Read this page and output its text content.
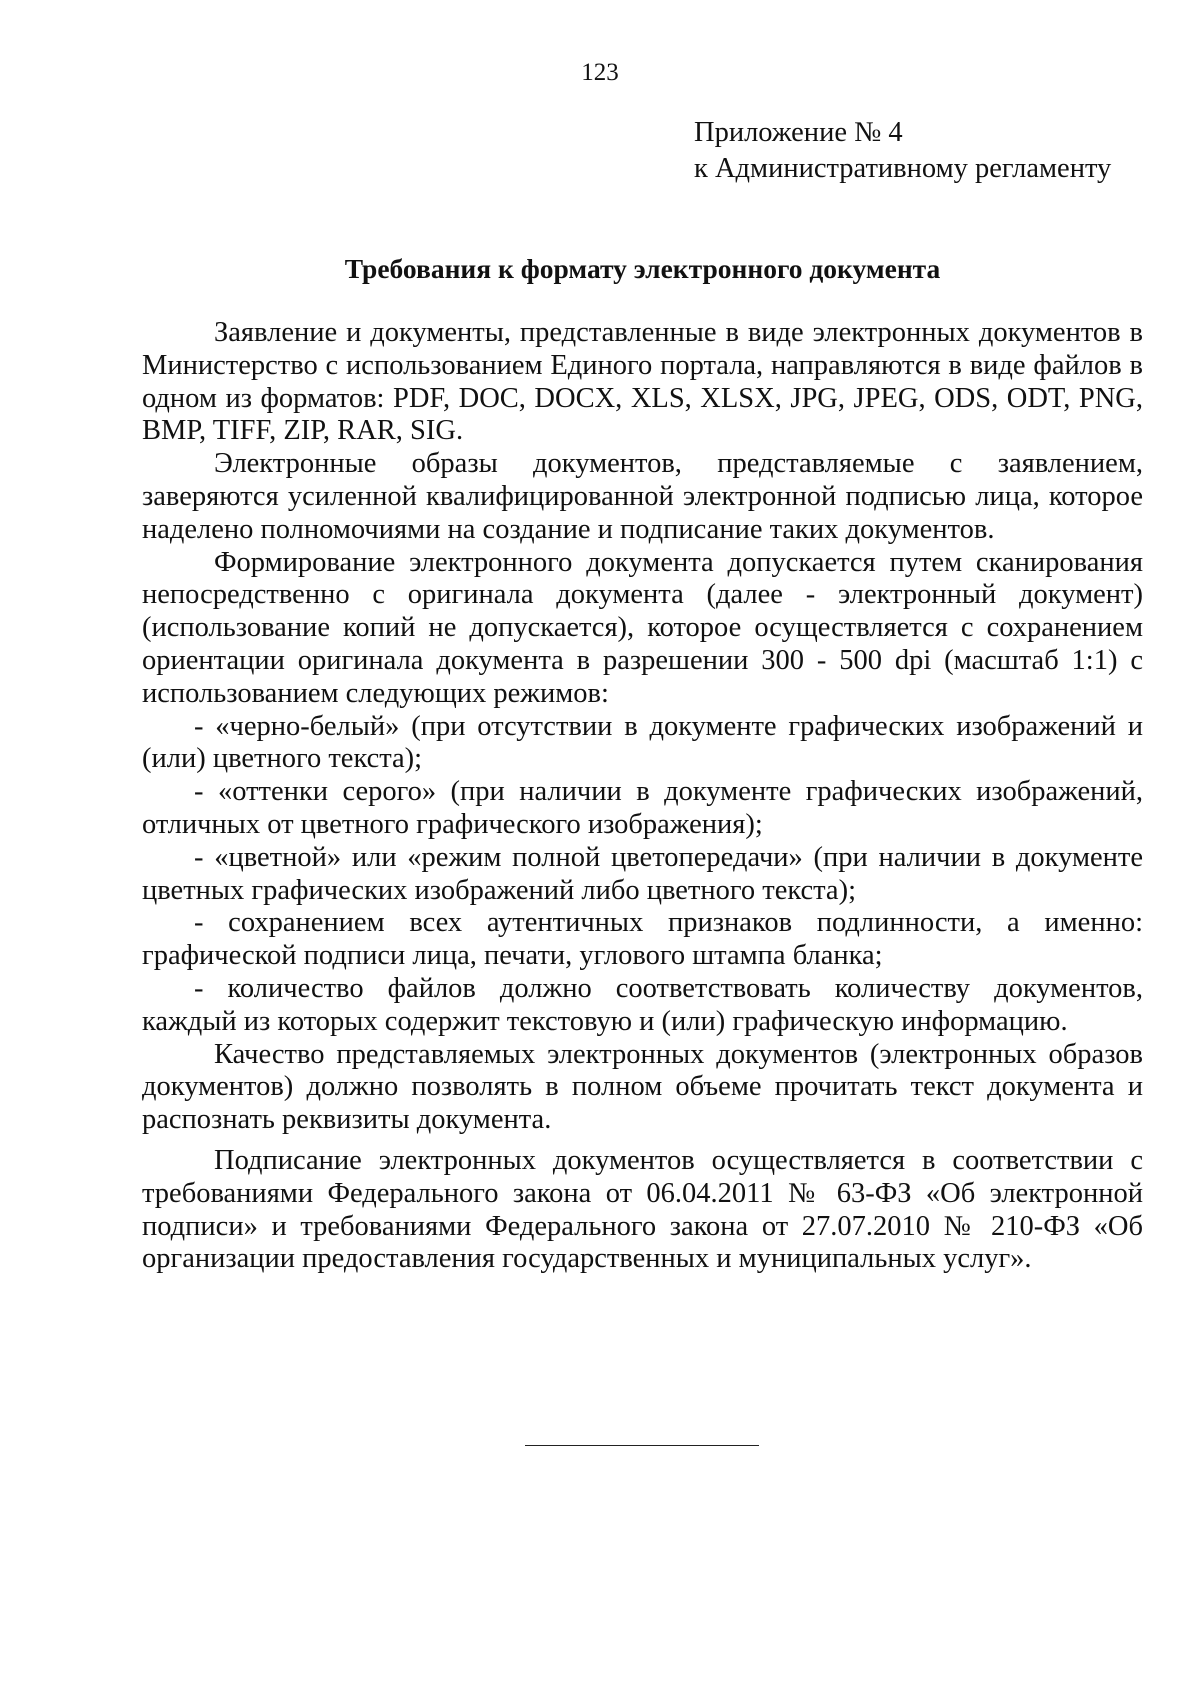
123
Приложение № 4
к Административному регламенту
Требования к формату электронного документа

Заявление и документы, представленные в виде электронных документов в Министерство с использованием Единого портала, направляются в виде файлов в одном из форматов: PDF, DOC, DOCX, XLS, XLSX, JPG, JPEG, ODS, ODT, PNG, BMP, TIFF, ZIP, RAR, SIG.

Электронные образы документов, представляемые с заявлением, заверяются усиленной квалифицированной электронной подписью лица, которое наделено полномочиями на создание и подписание таких документов.

Формирование электронного документа допускается путем сканирования непосредственно с оригинала документа (далее - электронный документ) (использование копий не допускается), которое осуществляется с сохранением ориентации оригинала документа в разрешении 300 - 500 dpi (масштаб 1:1) с использованием следующих режимов:

- «черно-белый» (при отсутствии в документе графических изображений и (или) цветного текста);

- «оттенки серого» (при наличии в документе графических изображений, отличных от цветного графического изображения);

- «цветной» или «режим полной цветопередачи» (при наличии в документе цветных графических изображений либо цветного текста);

- сохранением всех аутентичных признаков подлинности, а именно: графической подписи лица, печати, углового штампа бланка;

- количество файлов должно соответствовать количеству документов, каждый из которых содержит текстовую и (или) графическую информацию.

Качество представляемых электронных документов (электронных образов документов) должно позволять в полном объеме прочитать текст документа и распознать реквизиты документа.

Подписание электронных документов осуществляется в соответствии с требованиями Федерального закона от 06.04.2011 № 63-ФЗ «Об электронной подписи» и требованиями Федерального закона от 27.07.2010 № 210-ФЗ «Об организации предоставления государственных и муниципальных услуг».
